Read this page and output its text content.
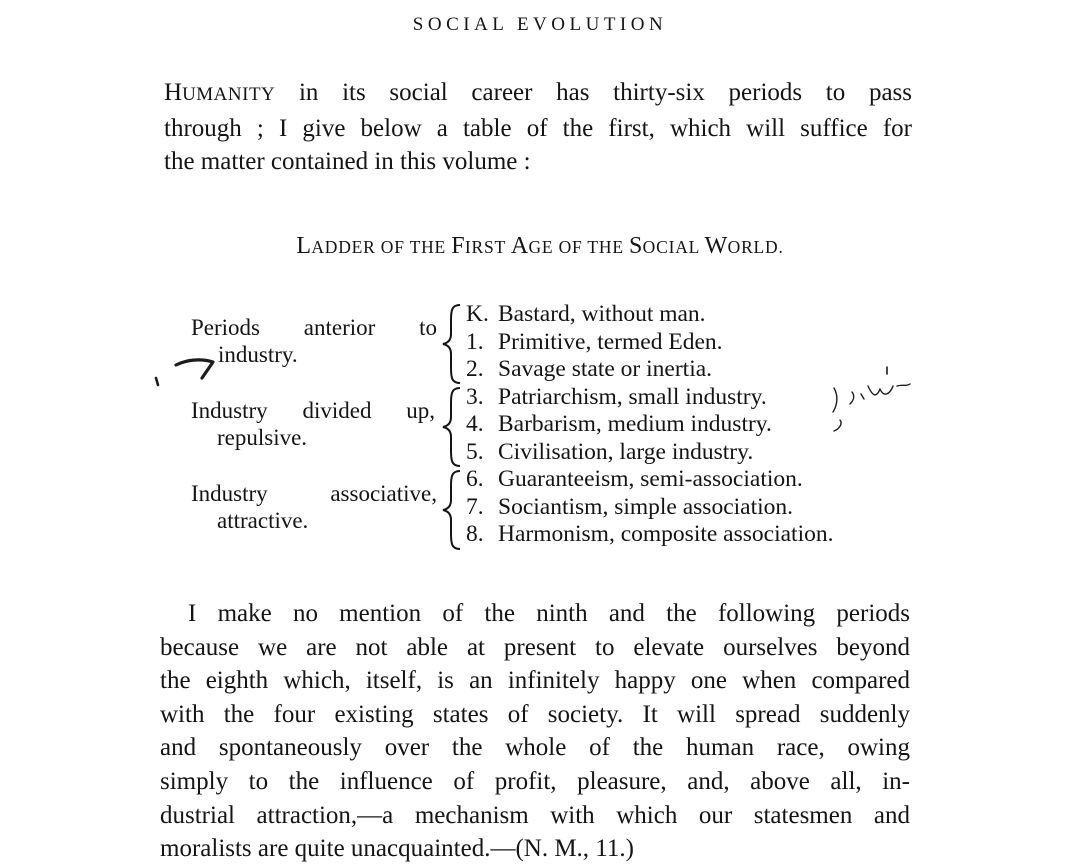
SOCIAL EVOLUTION
HUMANITY in its social career has thirty-six periods to pass
through ; I give below a table of the first, which will suffice for
the matter contained in this volume :
LADDER OF THE FIRST AGE OF THE SOCIAL WORLD.
Periods anterior to
industry.
Industry divided up,
repulsive.
Industry associative,
attractive.
K. Bastard, without man.
1. Primitive, termed Eden.
2. Savage state or inertia.
3. Patriarchism, small industry.
4. Barbarism, medium industry.
5. Civilisation, large industry.
6. Guaranteeism, semi-association.
7. Sociantism, simple association.
8. Harmonism, composite association.
I make no mention of the ninth and the following periods
because we are not able at present to elevate ourselves beyond
the eighth which, itself, is an infinitely happy one when compared
with the four existing states of society. It will spread suddenly
and spontaneously over the whole of the human race, owing
simply to the influence of profit, pleasure, and, above all, in-
dustrial attraction,—a mechanism with which our statesmen and
moralists are quite unacquainted.—(N. M., 11.)
